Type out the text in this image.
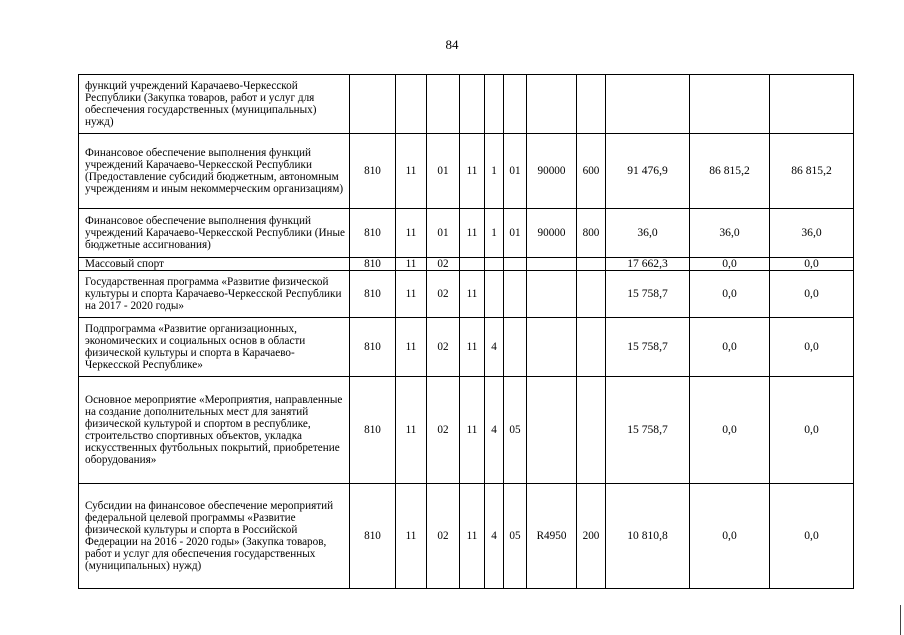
84
функций учреждений Карачаево-Черкесской Республики (Закупка товаров, работ и услуг для обеспечения государственных (муниципальных) нужд)											
Финансовое обеспечение выполнения функций учреждений Карачаево-Черкесской Республики (Предоставление субсидий бюджетным, автономным учреждениям и иным некоммерческим организациям)	810	11	01	11	1	01	90000	600	91 476,9	86 815,2	86 815,2
Финансовое обеспечение выполнения функций учреждений Карачаево-Черкесской Республики (Иные бюджетные ассигнования)	810	11	01	11	1	01	90000	800	36,0	36,0	36,0
Массовый спорт	810	11	02						17 662,3	0,0	0,0
Государственная программа «Развитие физической культуры и спорта Карачаево-Черкесской Республики на 2017 - 2020 годы»	810	11	02	11					15 758,7	0,0	0,0
Подпрограмма «Развитие организационных, экономических и социальных основ в области физической культуры и спорта в Карачаево-Черкесской Республике»	810	11	02	11	4				15 758,7	0,0	0,0
Основное мероприятие «Мероприятия, направленные на создание дополнительных мест для занятий физической культурой и спортом в республике, строительство спортивных объектов, укладка искусственных футбольных покрытий, приобретение оборудования»	810	11	02	11	4	05			15 758,7	0,0	0,0
Субсидии на финансовое обеспечение мероприятий федеральной целевой программы «Развитие физической культуры и спорта в Российской Федерации на 2016 - 2020 годы» (Закупка товаров, работ и услуг для обеспечения государственных (муниципальных) нужд)	810	11	02	11	4	05	R4950	200	10 810,8	0,0	0,0
